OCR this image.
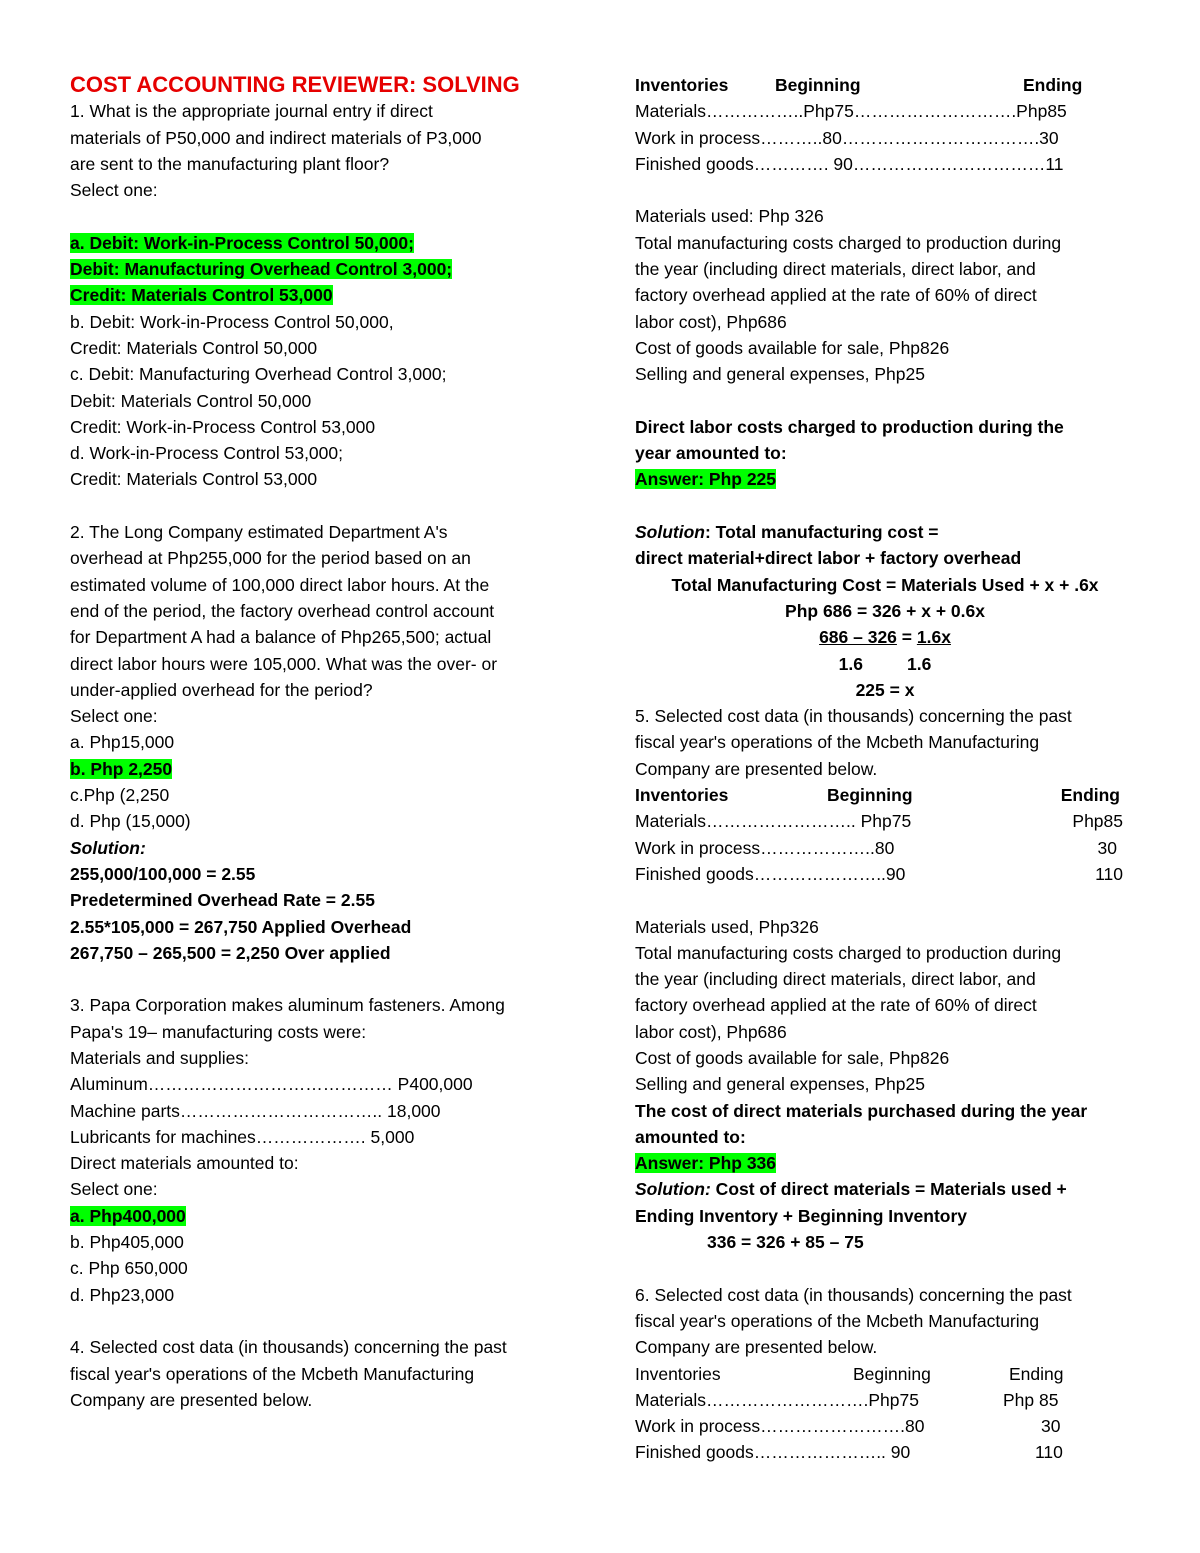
COST ACCOUNTING REVIEWER: SOLVING
1. What is the appropriate journal entry if direct
materials of P50,000 and indirect materials of P3,000
are sent to the manufacturing plant floor?
Select one:
a. Debit: Work-in-Process Control 50,000;
Debit: Manufacturing Overhead Control 3,000;
Credit: Materials Control 53,000
b. Debit: Work-in-Process Control 50,000,
Credit: Materials Control 50,000
c. Debit: Manufacturing Overhead Control 3,000;
Debit: Materials Control 50,000
Credit: Work-in-Process Control 53,000
d. Work-in-Process Control 53,000;
Credit: Materials Control 53,000
2. The Long Company estimated Department A's
overhead at Php255,000 for the period based on an
estimated volume of 100,000 direct labor hours. At the
end of the period, the factory overhead control account
for Department A had a balance of Php265,500; actual
direct labor hours were 105,000. What was the over- or
under-applied overhead for the period?
Select one:
a. Php15,000
b. Php 2,250
c.Php (2,250
d. Php (15,000)
Solution:
255,000/100,000 = 2.55
Predetermined Overhead Rate = 2.55
2.55*105,000 = 267,750 Applied Overhead
267,750 – 265,500 = 2,250 Over applied
3. Papa Corporation makes aluminum fasteners. Among
Papa's 19– manufacturing costs were:
Materials and supplies:
Aluminum…………………………………… P400,000
Machine parts…………………………….. 18,000
Lubricants for machines………………. 5,000
Direct materials amounted to:
Select one:
a. Php400,000
b. Php405,000
c. Php 650,000
d. Php23,000
4. Selected cost data (in thousands) concerning the past
fiscal year's operations of the Mcbeth Manufacturing
Company are presented below.
Inventories	Beginning	Ending
Materials……………..Php75……………………….Php85
Work in process………..80…………………………….30
Finished goods…………. 90……………………………11
Materials used: Php 326
Total manufacturing costs charged to production during
the year (including direct materials, direct labor, and
factory overhead applied at the rate of 60% of direct
labor cost), Php686
Cost of goods available for sale, Php826
Selling and general expenses, Php25
Direct labor costs charged to production during the
year amounted to:
Answer: Php 225
Solution: Total manufacturing cost =
direct material+direct labor + factory overhead
Total Manufacturing Cost = Materials Used + x + .6x
Php 686 = 326 + x + 0.6x
686 – 326 = 1.6x
1.6	1.6
225 = x
5. Selected cost data (in thousands) concerning the past
fiscal year's operations of the Mcbeth Manufacturing
Company are presented below.
Inventories	Beginning	Ending
Materials…………………….. Php75	Php85
Work in process………………..80	30
Finished goods…………………..90	110
Materials used, Php326
Total manufacturing costs charged to production during
the year (including direct materials, direct labor, and
factory overhead applied at the rate of 60% of direct
labor cost), Php686
Cost of goods available for sale, Php826
Selling and general expenses, Php25
The cost of direct materials purchased during the year
amounted to:
Answer: Php 336
Solution: Cost of direct materials = Materials used +
Ending Inventory + Beginning Inventory
336 = 326 + 85 – 75
6. Selected cost data (in thousands) concerning the past
fiscal year's operations of the Mcbeth Manufacturing
Company are presented below.
Inventories	Beginning	Ending
Materials……………………….Php75	Php 85
Work in process…………………….80	30
Finished goods………………….. 90	110
